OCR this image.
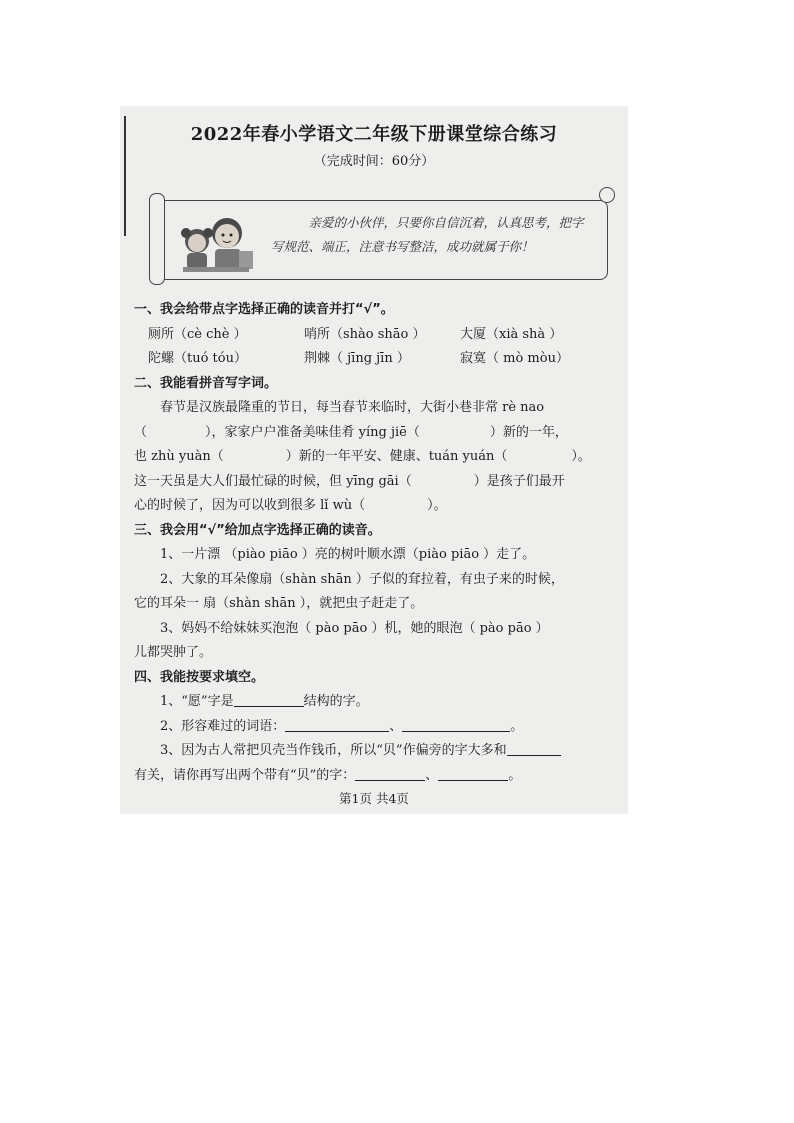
2022年春小学语文二年级下册课堂综合练习
（完成时间：60分）
亲爱的小伙伴，只要你自信沉着，认真思考，把字
写规范、端正，注意书写整洁，成功就属于你！
一、我会给带点字选择正确的读音并打“√”。
厕所（cè chè ）	哨所（shào shāo ）	大厦（xià shà ）
陀螺（tuó tóu）	荆棘（ jīng jīn ）	寂寞（ mò mòu）
二、我能看拼音写字词。
春节是汉族最隆重的节日，每当春节来临时，大街小巷非常 rè nao
（	），家家户户准备美味佳肴 yíng jiē（	）新的一年，
也 zhù yuàn（	）新的一年平安、健康、tuán yuán（	）。
这一天虽是大人们最忙碌的时候，但 yīng gāi（	）是孩子们最开
心的时候了，因为可以收到很多 lǐ wù（	）。
三、我会用“√”给加点字选择正确的读音。
1、一片漂 （piào piāo ）亮的树叶顺水漂（piào piāo ）走了。
2、大象的耳朵像扇（shàn shān ）子似的耷拉着，有虫子来的时候，
它的耳朵一 扇（shàn shān ），就把虫子赶走了。
3、妈妈不给妹妹买泡泡（ pào pāo ）机，她的眼泡（ pào pāo ）
儿都哭肿了。
四、我能按要求填空。
1、“愿”字是	结构的字。
2、形容难过的词语：	、	。
3、因为古人常把贝壳当作钱币，所以“贝”作偏旁的字大多和
有关，请你再写出两个带有“贝”的字：	、	。
第1页 共4页
